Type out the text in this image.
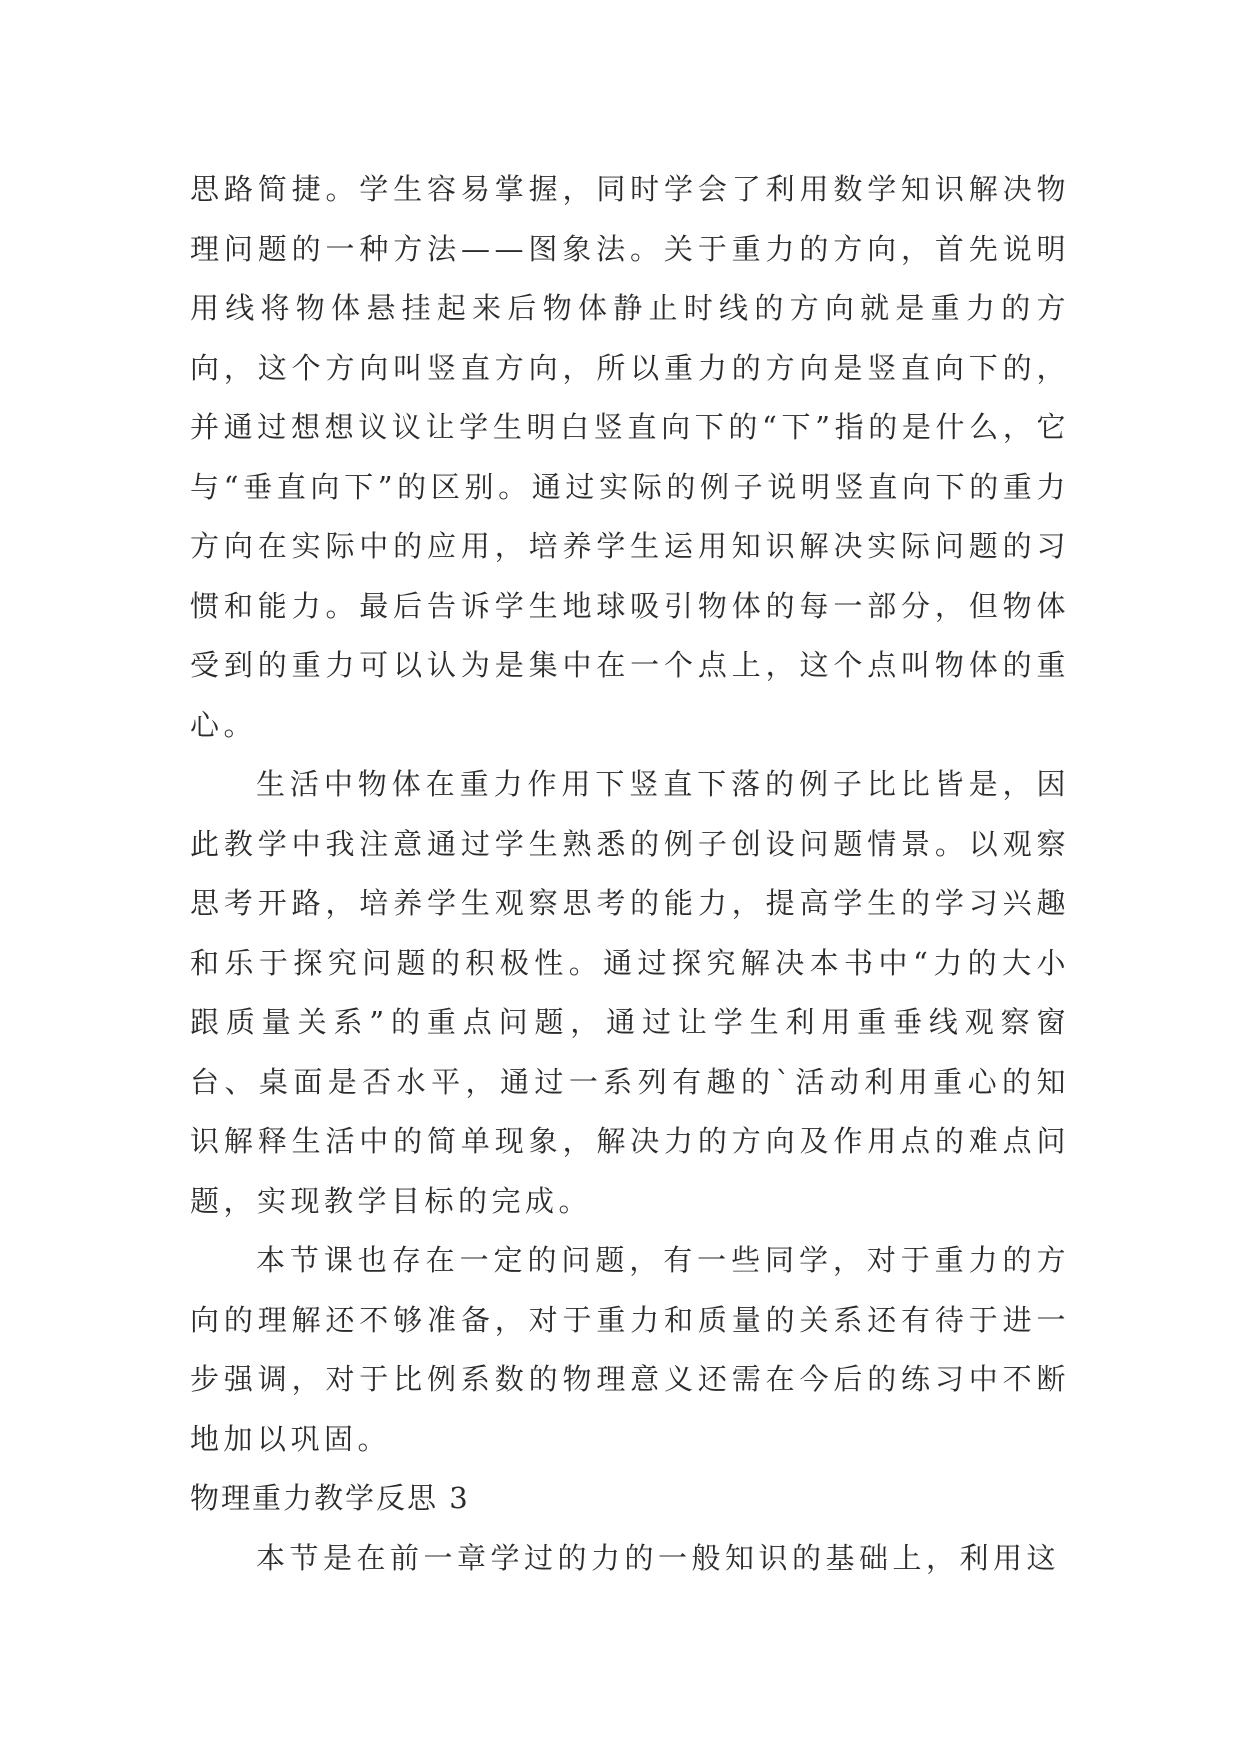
思路简捷。学生容易掌握，同时学会了利用数学知识解决物理问题的一种方法——图象法。关于重力的方向，首先说明用线将物体悬挂起来后物体静止时线的方向就是重力的方向，这个方向叫竖直方向，所以重力的方向是竖直向下的，并通过想想议议让学生明白竖直向下的“下”指的是什么，它与“垂直向下”的区别。通过实际的例子说明竖直向下的重力方向在实际中的应用，培养学生运用知识解决实际问题的习惯和能力。最后告诉学生地球吸引物体的每一部分，但物体受到的重力可以认为是集中在一个点上，这个点叫物体的重心。

生活中物体在重力作用下竖直下落的例子比比皆是，因此教学中我注意通过学生熟悉的例子创设问题情景。以观察思考开路，培养学生观察思考的能力，提高学生的学习兴趣和乐于探究问题的积极性。通过探究解决本书中“力的大小跟质量关系”的重点问题，通过让学生利用重垂线观察窗台、桌面是否水平，通过一系列有趣的`活动利用重心的知识解释生活中的简单现象，解决力的方向及作用点的难点问题，实现教学目标的完成。

本节课也存在一定的问题，有一些同学，对于重力的方向的理解还不够准备，对于重力和质量的关系还有待于进一步强调，对于比例系数的物理意义还需在今后的练习中不断地加以巩固。

物理重力教学反思 3

本节是在前一章学过的力的一般知识的基础上，利用这
